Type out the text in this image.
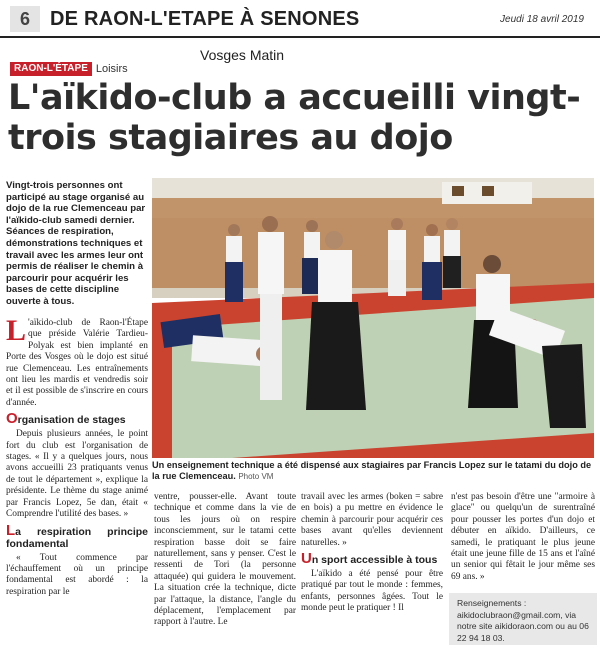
6	DE RAON-L'ETAPE À SENONES	Jeudi 18 avril 2019
Vosges Matin
RAON-L'ÉTAPE Loisirs
L'aïkido-club a accueilli vingt-trois stagiaires au dojo
Vingt-trois personnes ont participé au stage organisé au dojo de la rue Clemenceau par l'aïkido-club samedi dernier. Séances de respiration, démonstrations techniques et travail avec les armes leur ont permis de réaliser le chemin à parcourir pour acquérir les bases de cette discipline ouverte à tous.

L 'aïkido-club de Raon-l'Étape que préside Valérie Tardieu-Polyak est bien implanté en Porte des Vosges où le dojo est situé rue Clemenceau. Les entraînements ont lieu les mardis et vendredis soir et il est possible de s'inscrire en cours d'année.

Organisation de stages

Depuis plusieurs années, le point fort du club est l'organisation de stages. « Il y a quelques jours, nous avons accueilli 23 pratiquants venus de tout le département », explique la présidente. Le thème du stage animé par Francis Lopez, 5e dan, était « Comprendre l'utilité des bases. »

La respiration principe fondamental

« Tout commence par l'échauffement où un principe fondamental est abordé : la respiration par le

Un enseignement technique a été dispensé aux stagiaires par Francis Lopez sur le tatami du dojo de la rue Clemenceau. Photo VM

ventre, pousser-elle. Avant toute technique et comme dans la vie de tous les jours où on respire inconsciemment, sur le tatami cette respiration basse doit se faire naturellement, sans y penser. C'est le ressenti de Tori (la personne attaquée) qui guidera le mouvement. La situation crée la technique, dicte par l'attaque, la distance, l'angle du déplacement, l'emplacement par rapport à l'autre. Le

travail avec les armes (boken = sabre en bois) a pu mettre en évidence le chemin à parcourir pour acquérir ces bases avant qu'elles deviennent naturelles. »

Un sport accessible à tous

L'aïkido a été pensé pour être pratiqué par tout le monde : femmes, enfants, personnes âgées. Tout le monde peut le pratiquer ! Il

n'est pas besoin d'être une "armoire à glace" ou quelqu'un de surentraîné pour pousser les portes d'un dojo et débuter en aïkido. D'ailleurs, ce samedi, le pratiquant le plus jeune était une jeune fille de 15 ans et l'aîné un senior qui fêtait le jour même ses 69 ans. »

Renseignements : aikidoclubraon@gmail.com, via notre site aikidoraon.com ou au 06 22 94 18 03.
